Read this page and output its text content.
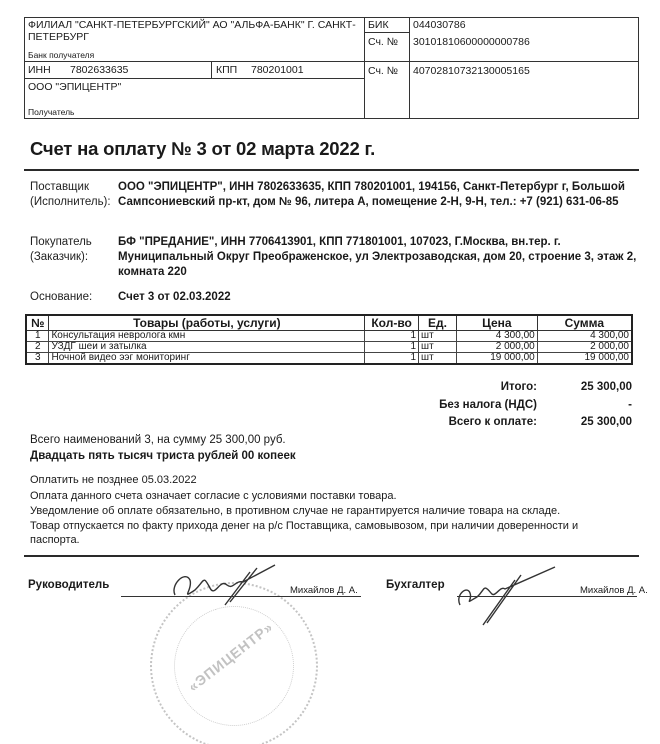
ФИЛИАЛ "САНКТ-ПЕТЕРБУРГСКИЙ" АО "АЛЬФА-БАНК" Г. САНКТ-ПЕТЕРБУРГ
Банк получателя
ИНН 7802633635	КПП 780201001
ООО "ЭПИЦЕНТР"
Получатель
БИК 044030786
Сч. № 30101810600000000786
Сч. № 40702810732130005165
Счет на оплату № 3 от 02 марта 2022 г.
Поставщик (Исполнитель):
ООО "ЭПИЦЕНТР", ИНН 7802633635, КПП 780201001, 194156, Санкт-Петербург г, Большой Сампсониевский пр-кт, дом № 96, литера А, помещение 2-Н, 9-Н, тел.: +7 (921) 631-06-85
Покупатель (Заказчик):
БФ "ПРЕДАНИЕ", ИНН 7706413901, КПП 771801001, 107023, Г.Москва, вн.тер. г. Муниципальный Округ Преображенское, ул Электрозаводская, дом 20, строение 3, этаж 2, комната 220
Основание:	Счет 3 от 02.03.2022
№	Товары (работы, услуги)	Кол-во	Ед.	Цена	Сумма
1	Консультация невролога кмн	1	шт	4 300,00	4 300,00
2	УЗДГ шеи и затылка	1	шт	2 000,00	2 000,00
3	Ночной видео ээг мониторинг	1	шт	19 000,00	19 000,00
Итого:	25 300,00
Без налога (НДС)	-
Всего к оплате:	25 300,00
Всего наименований 3, на сумму 25 300,00 руб.
Двадцать пять тысяч триста рублей 00 копеек
Оплатить не позднее 05.03.2022
Оплата данного счета означает согласие с условиями поставки товара.
Уведомление об оплате обязательно, в противном случае не гарантируется наличие товара на складе.
Товар отпускается по факту прихода денег на р/с Поставщика, самовывозом, при наличии доверенности и паспорта.
«ЭПИЦЕНТР»
Руководитель	Михайлов Д. А. Бухгалтер	Михайлов Д. А.
